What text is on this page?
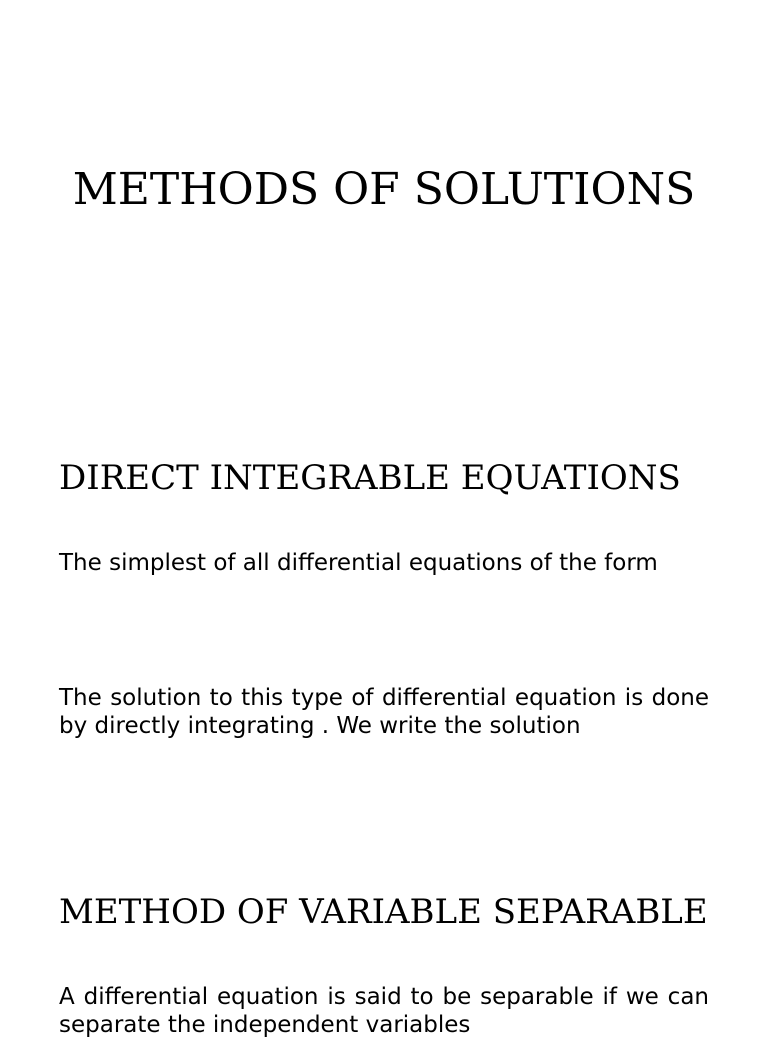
METHODS OF SOLUTIONS
DIRECT INTEGRABLE EQUATIONS

The simplest of all differential equations of the form

The solution to this type of differential equation is done by directly integrating . We write the solution

METHOD OF VARIABLE SEPARABLE

A differential equation is said to be separable if we can separate the independent variables
